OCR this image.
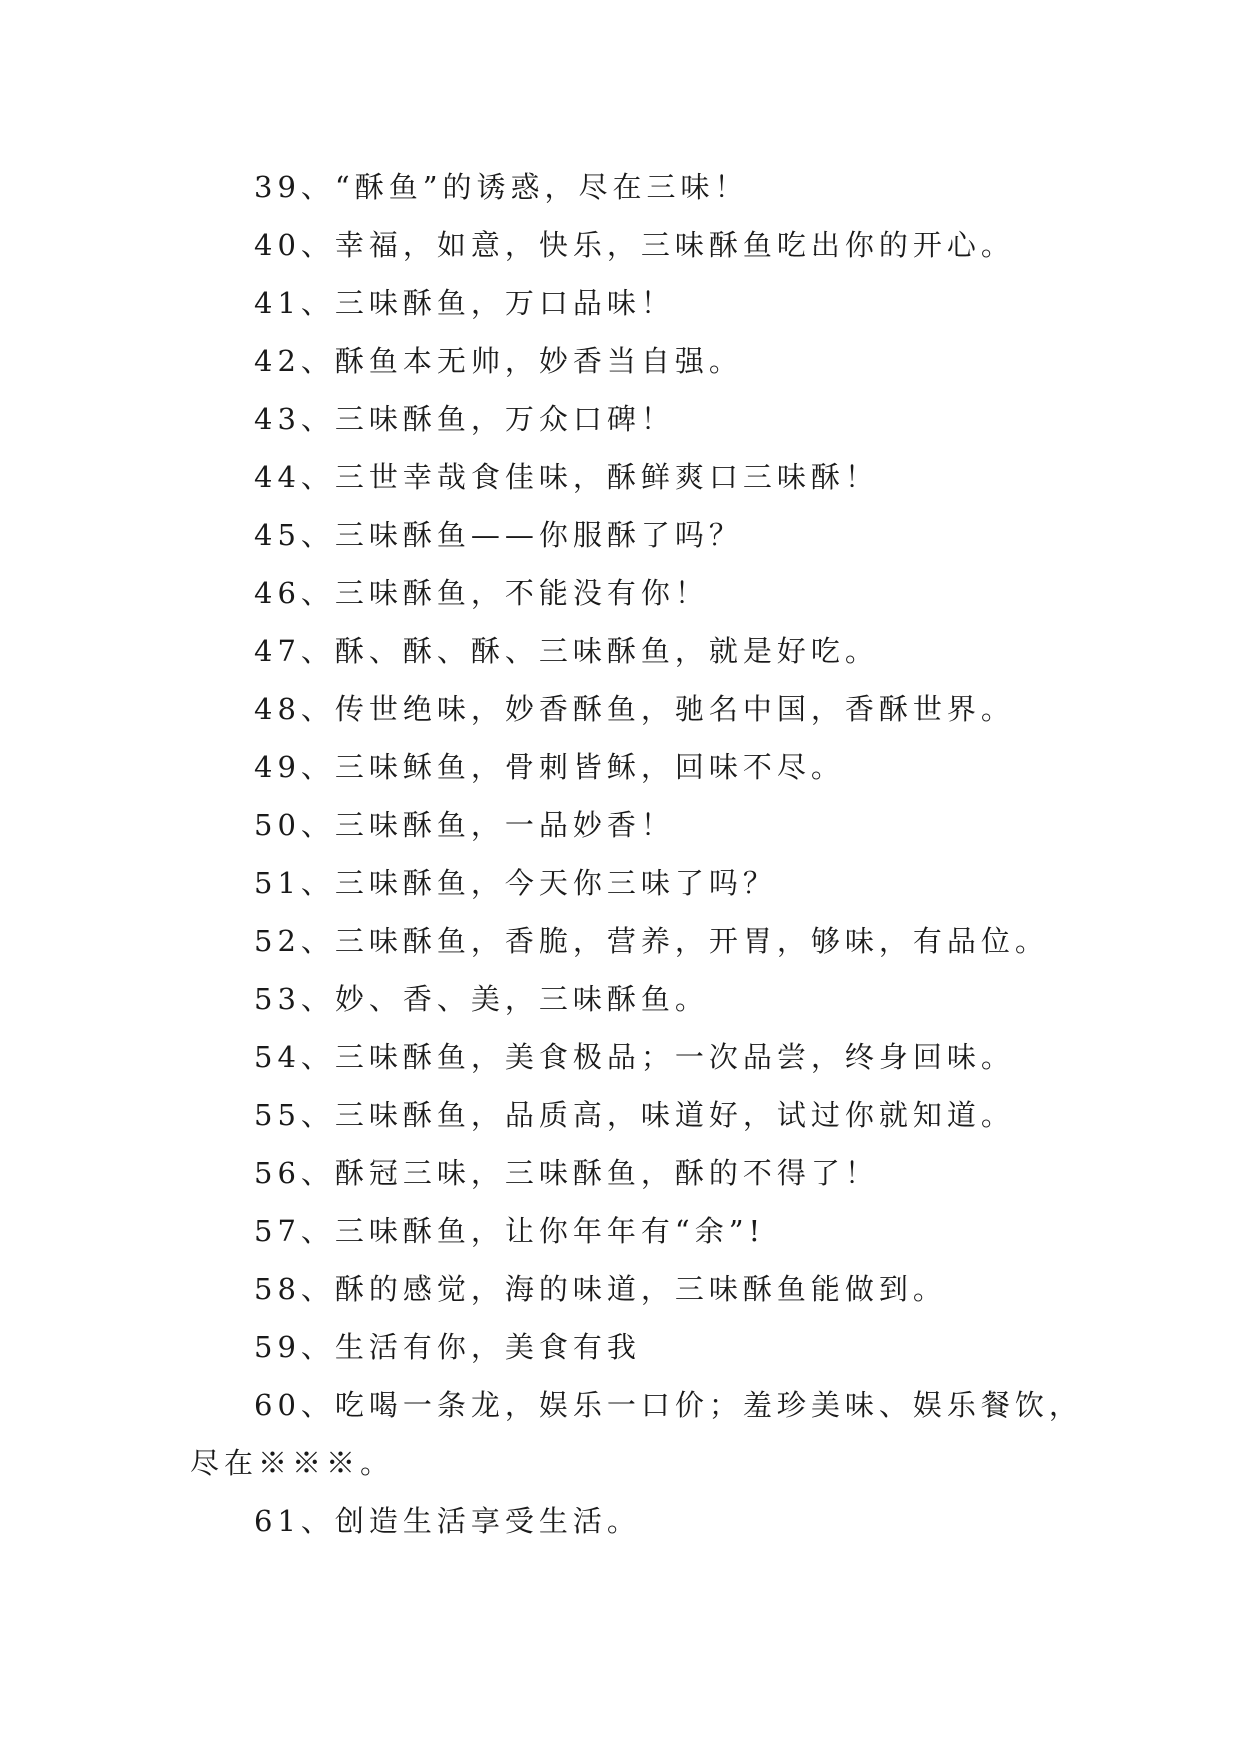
39、“酥鱼”的诱惑，尽在三味！
40、幸福，如意，快乐，三味酥鱼吃出你的开心。
41、三味酥鱼，万口品味！
42、酥鱼本无帅，妙香当自强。
43、三味酥鱼，万众口碑！
44、三世幸哉食佳味，酥鲜爽口三味酥！
45、三味酥鱼——你服酥了吗？
46、三味酥鱼，不能没有你！
47、酥、酥、酥、三味酥鱼，就是好吃。
48、传世绝味，妙香酥鱼，驰名中国，香酥世界。
49、三味稣鱼，骨刺皆稣，回味不尽。
50、三味酥鱼，一品妙香！
51、三味酥鱼，今天你三味了吗？
52、三味酥鱼，香脆，营养，开胃，够味，有品位。
53、妙、香、美，三味酥鱼。
54、三味酥鱼，美食极品；一次品尝，终身回味。
55、三味酥鱼，品质高，味道好，试过你就知道。
56、酥冠三味，三味酥鱼，酥的不得了！
57、三味酥鱼，让你年年有“余”!
58、酥的感觉，海的味道，三味酥鱼能做到。
59、生活有你，美食有我
60、吃喝一条龙，娱乐一口价；羞珍美味、娱乐餐饮，
尽在※※※。
61、创造生活享受生活。
